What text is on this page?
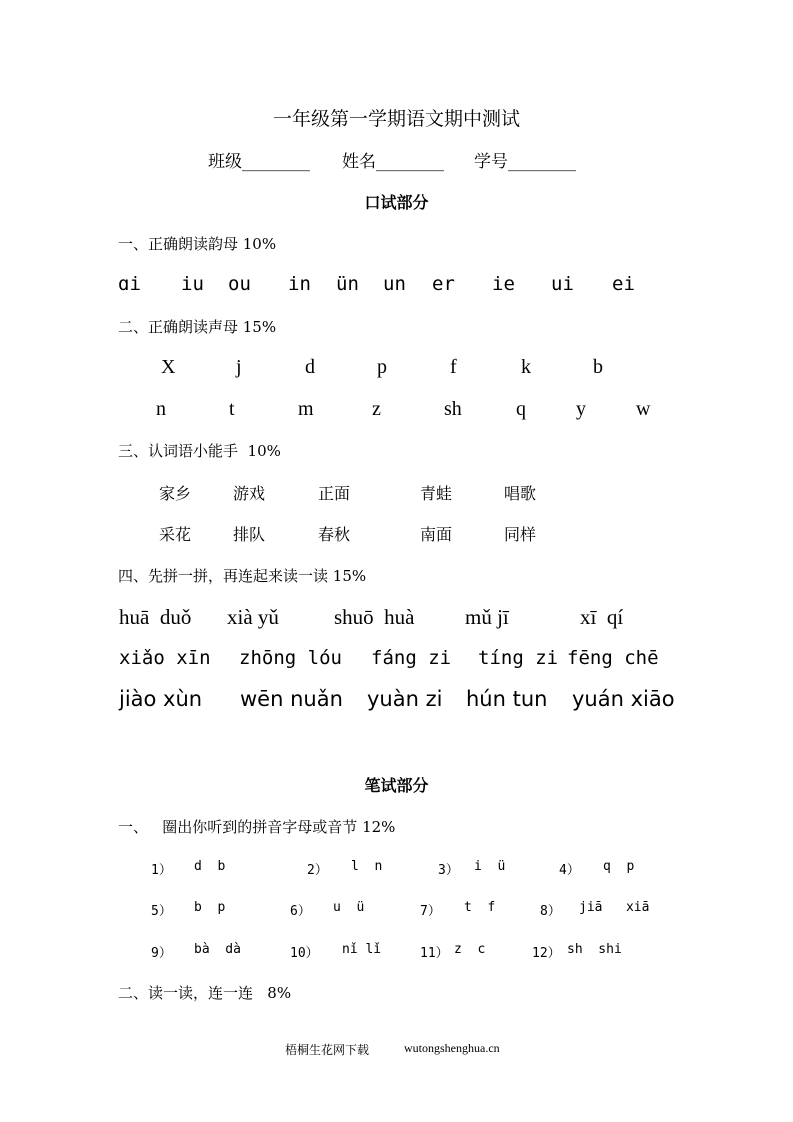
一年级第一学期语文期中测试
班级________ 姓名________ 学号________
口试部分
一、正确朗读韵母 10%
ɑi iu ou in ün un er ie ui ei
二、正确朗读声母 15%
X	j	d	p	f	k	b
n	t	m	z	sh	q	y	w
三、认词语小能手  10%
家乡	游戏	正面	青蛙	唱歌
采花	排队	春秋	南面	同样
四、先拼一拼，再连起来读一读 15%
huā  duǒ xià yǔ	shuō  huà mǔ jī	xī  qí
xiǎo xīn zhōng lóu fáng zi tíng zi fēng chē
jiào xùn wēn nuǎn yuàn zi hún tun yuán xiāo
笔试部分
一、   圈出你听到的拼音字母或音节 12%
1） d  b	2） l  n	3） i  ü	4） q  p
5） b  p	6） u  ü	7） t  f	8） jiā   xiā
9） bà  dà	10） nǐ lǐ	11） z  c	12） sh  shi
二、读一读，连一连   8%
梧桐生花网下载	wutongshenghua.cn
